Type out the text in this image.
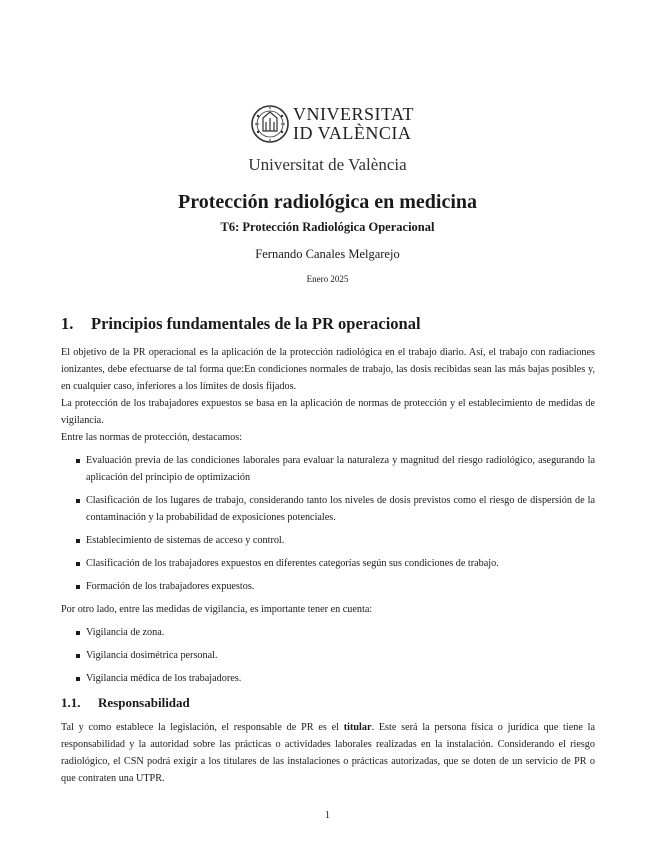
VNIVERSITAT
ID VALÈNCIA
Universitat de València
Protección radiológica en medicina
T6: Protección Radiológica Operacional
Fernando Canales Melgarejo
Enero 2025
1. Principios fundamentales de la PR operacional

El objetivo de la PR operacional es la aplicación de la protección radiológica en el trabajo diario. Así, el trabajo con radiaciones ionizantes, debe efectuarse de tal forma que:En condiciones normales de trabajo, las dosis recibidas sean las más bajas posibles y, en cualquier caso, inferiores a los límites de dosis fijados.

La protección de los trabajadores expuestos se basa en la aplicación de normas de protección y el establecimiento de medidas de vigilancia.

Entre las normas de protección, destacamos:

Evaluación previa de las condiciones laborales para evaluar la naturaleza y magnitud del riesgo radiológico, asegurando la aplicación del principio de optimización
Clasificación de los lugares de trabajo, considerando tanto los niveles de dosis previstos como el riesgo de dispersión de la contaminación y la probabilidad de exposiciones potenciales.
Establecimiento de sistemas de acceso y control.
Clasificación de los trabajadores expuestos en diferentes categorías según sus condiciones de trabajo.
Formación de los trabajadores expuestos.

Por otro lado, entre las medidas de vigilancia, es importante tener en cuenta:

Vigilancia de zona.
Vigilancia dosimétrica personal.
Vigilancia médica de los trabajadores.
1.1. Responsabilidad

Tal y como establece la legislación, el responsable de PR es el titular. Este será la persona física o jurídica que tiene la responsabilidad y la autoridad sobre las prácticas o actividades laborales realizadas en la instalación. Considerando el riesgo radiológico, el CSN podrá exigir a los titulares de las instalaciones o prácticas autorizadas, que se doten de un servicio de PR o que contraten una UTPR.

1
